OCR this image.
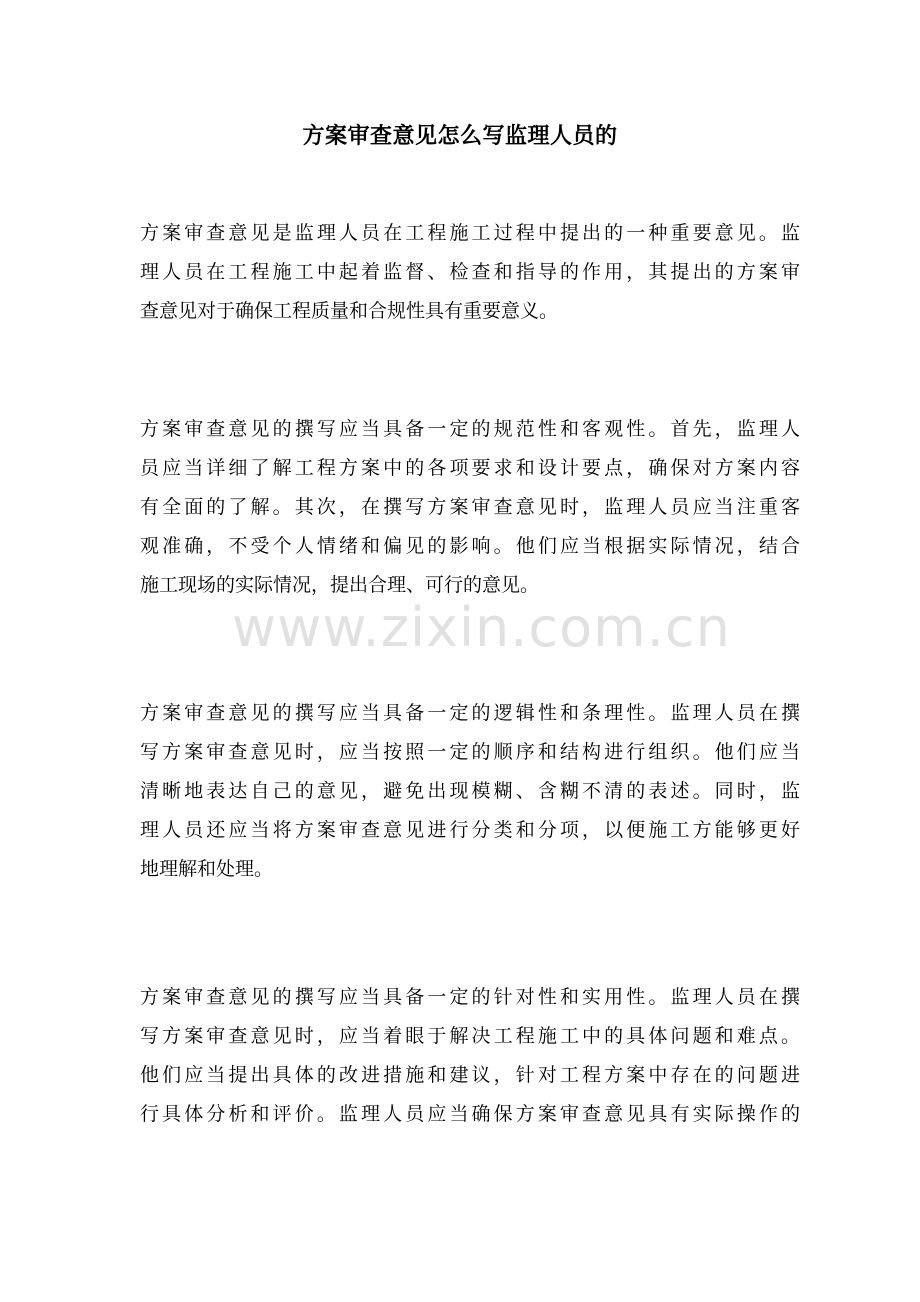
www.zixin.com.cn
方案审查意见怎么写监理人员的
方案审查意见是监理人员在工程施工过程中提出的一种重要意见。监
理人员在工程施工中起着监督、检查和指导的作用，其提出的方案审
查意见对于确保工程质量和合规性具有重要意义。
方案审查意见的撰写应当具备一定的规范性和客观性。首先，监理人
员应当详细了解工程方案中的各项要求和设计要点，确保对方案内容
有全面的了解。其次，在撰写方案审查意见时，监理人员应当注重客
观准确，不受个人情绪和偏见的影响。他们应当根据实际情况，结合
施工现场的实际情况，提出合理、可行的意见。
方案审查意见的撰写应当具备一定的逻辑性和条理性。监理人员在撰
写方案审查意见时，应当按照一定的顺序和结构进行组织。他们应当
清晰地表达自己的意见，避免出现模糊、含糊不清的表述。同时，监
理人员还应当将方案审查意见进行分类和分项，以便施工方能够更好
地理解和处理。
方案审查意见的撰写应当具备一定的针对性和实用性。监理人员在撰
写方案审查意见时，应当着眼于解决工程施工中的具体问题和难点。
他们应当提出具体的改进措施和建议，针对工程方案中存在的问题进
行具体分析和评价。监理人员应当确保方案审查意见具有实际操作的
